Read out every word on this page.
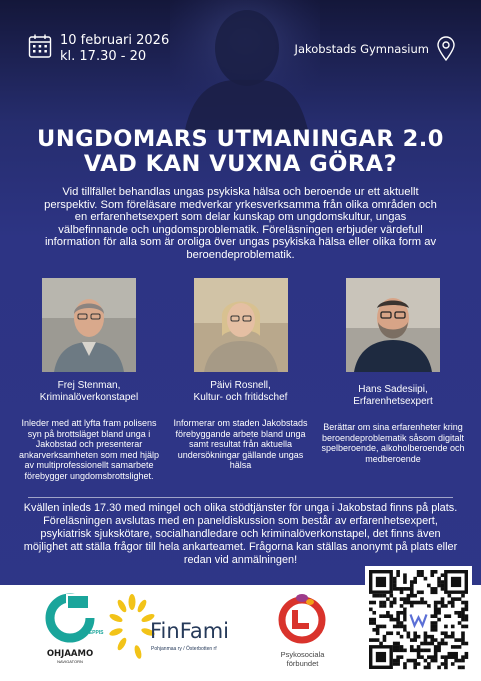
10 februari 2026
kl. 17.30 - 20	Jakobstads Gymnasium
UNGDOMARS UTMANINGAR 2.0
VAD KAN VUXNA GÖRA?
Vid tillfället behandlas ungas psykiska hälsa och beroende ur ett aktuellt perspektiv. Som föreläsare medverkar yrkesverksamma från olika områden och en erfarenhetsexpert som delar kunskap om ungdomskultur, ungas välbefinnande och ungdomsproblematik. Föreläsningen erbjuder värdefull information för alla som är oroliga över ungas psykiska hälsa eller olika form av beroendeproblematik.
Frej Stenman,
Kriminalöverkonstapel
Inleder med att lyfta fram polisens syn på brottsläget bland unga i Jakobstad och presenterar ankarverksamheten som med hjälp av multiprofessionellt samarbete förebygger ungdomsbrottslighet.
Päivi Rosnell,
Kultur- och fritidschef
Informerar om staden Jakobstads förebyggande arbete bland unga samt resultat från aktuella undersökningar gällande ungas hälsa
Hans Sadesiipi,
Erfarenhetsexpert
Berättar om sina erfarenheter kring beroendeproblematik såsom digitalt spelberoende, alkoholberoende och medberoende
Kvällen inleds 17.30 med mingel och olika stödtjänster för unga i Jakobstad finns på plats. Föreläsningen avslutas med en paneldiskussion som består av erfarenhetsexpert, psykiatrisk sjukskötare, socialhandledare och kriminalöverkonstapel, det finns även möjlighet att ställa frågor till hela ankarteamet. Frågorna kan ställas anonymt på plats eller redan vid anmälningen!
JEPPIS
OHJAAMO
NAVIGATORN
FinFami
Pohjanmaa ry / Österbotten rf
Psykosociala förbundet
